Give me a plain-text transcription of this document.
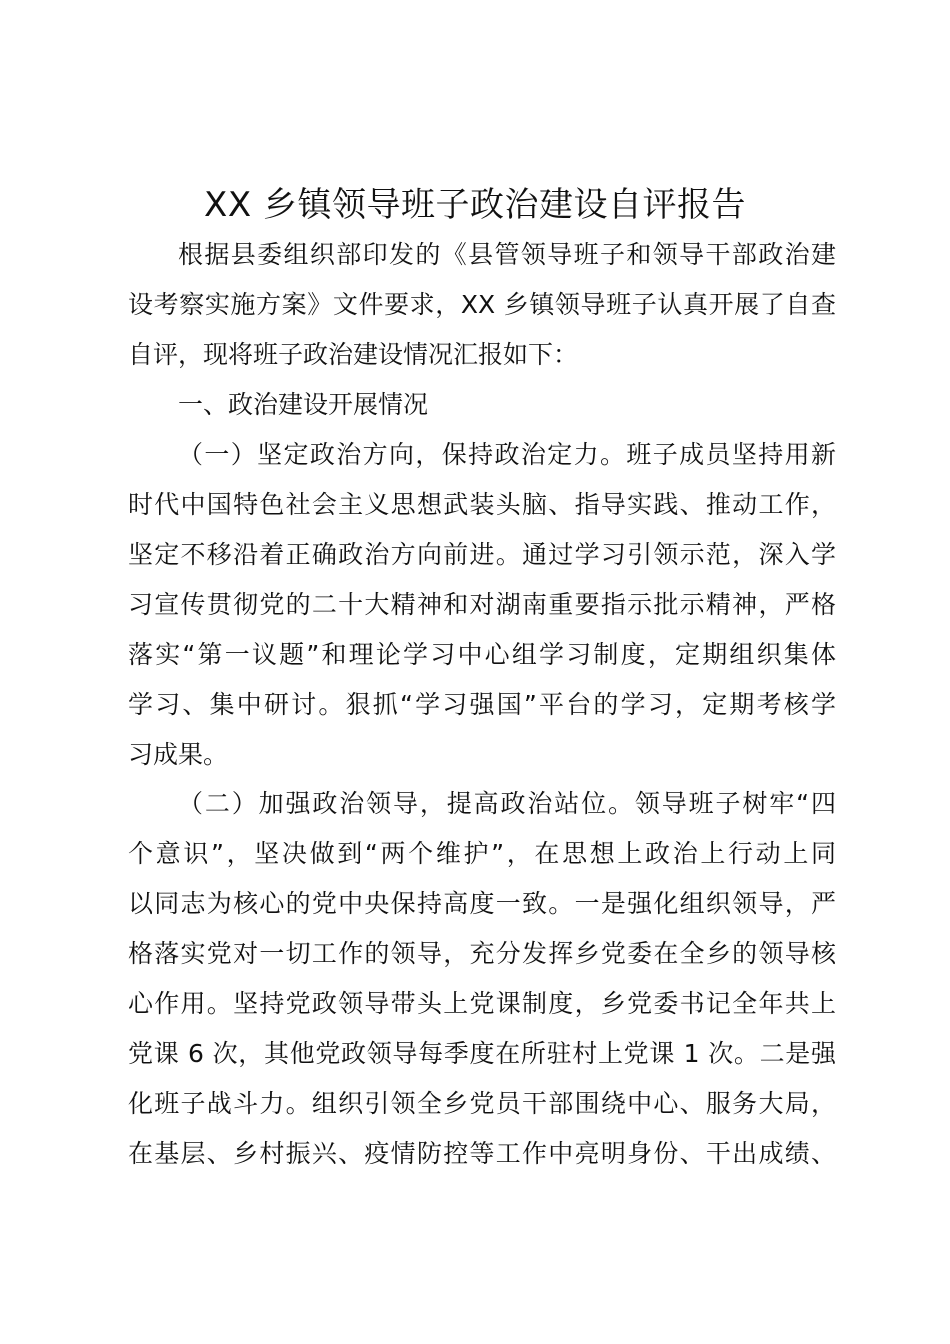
XX 乡镇领导班子政治建设自评报告
根据县委组织部印发的《县管领导班子和领导干部政治建
设考察实施方案》文件要求，XX 乡镇领导班子认真开展了自查
自评，现将班子政治建设情况汇报如下：
一、政治建设开展情况
（一）坚定政治方向，保持政治定力。班子成员坚持用新
时代中国特色社会主义思想武装头脑、指导实践、推动工作，
坚定不移沿着正确政治方向前进。通过学习引领示范，深入学
习宣传贯彻党的二十大精神和对湖南重要指示批示精神，严格
落实“第一议题”和理论学习中心组学习制度，定期组织集体
学习、集中研讨。狠抓“学习强国”平台的学习，定期考核学
习成果。
（二）加强政治领导，提高政治站位。领导班子树牢“四
个意识”，坚决做到“两个维护”，在思想上政治上行动上同
以同志为核心的党中央保持高度一致。一是强化组织领导，严
格落实党对一切工作的领导，充分发挥乡党委在全乡的领导核
心作用。坚持党政领导带头上党课制度，乡党委书记全年共上
党课 6 次，其他党政领导每季度在所驻村上党课 1 次。二是强
化班子战斗力。组织引领全乡党员干部围绕中心、服务大局，
在基层、乡村振兴、疫情防控等工作中亮明身份、干出成绩、
